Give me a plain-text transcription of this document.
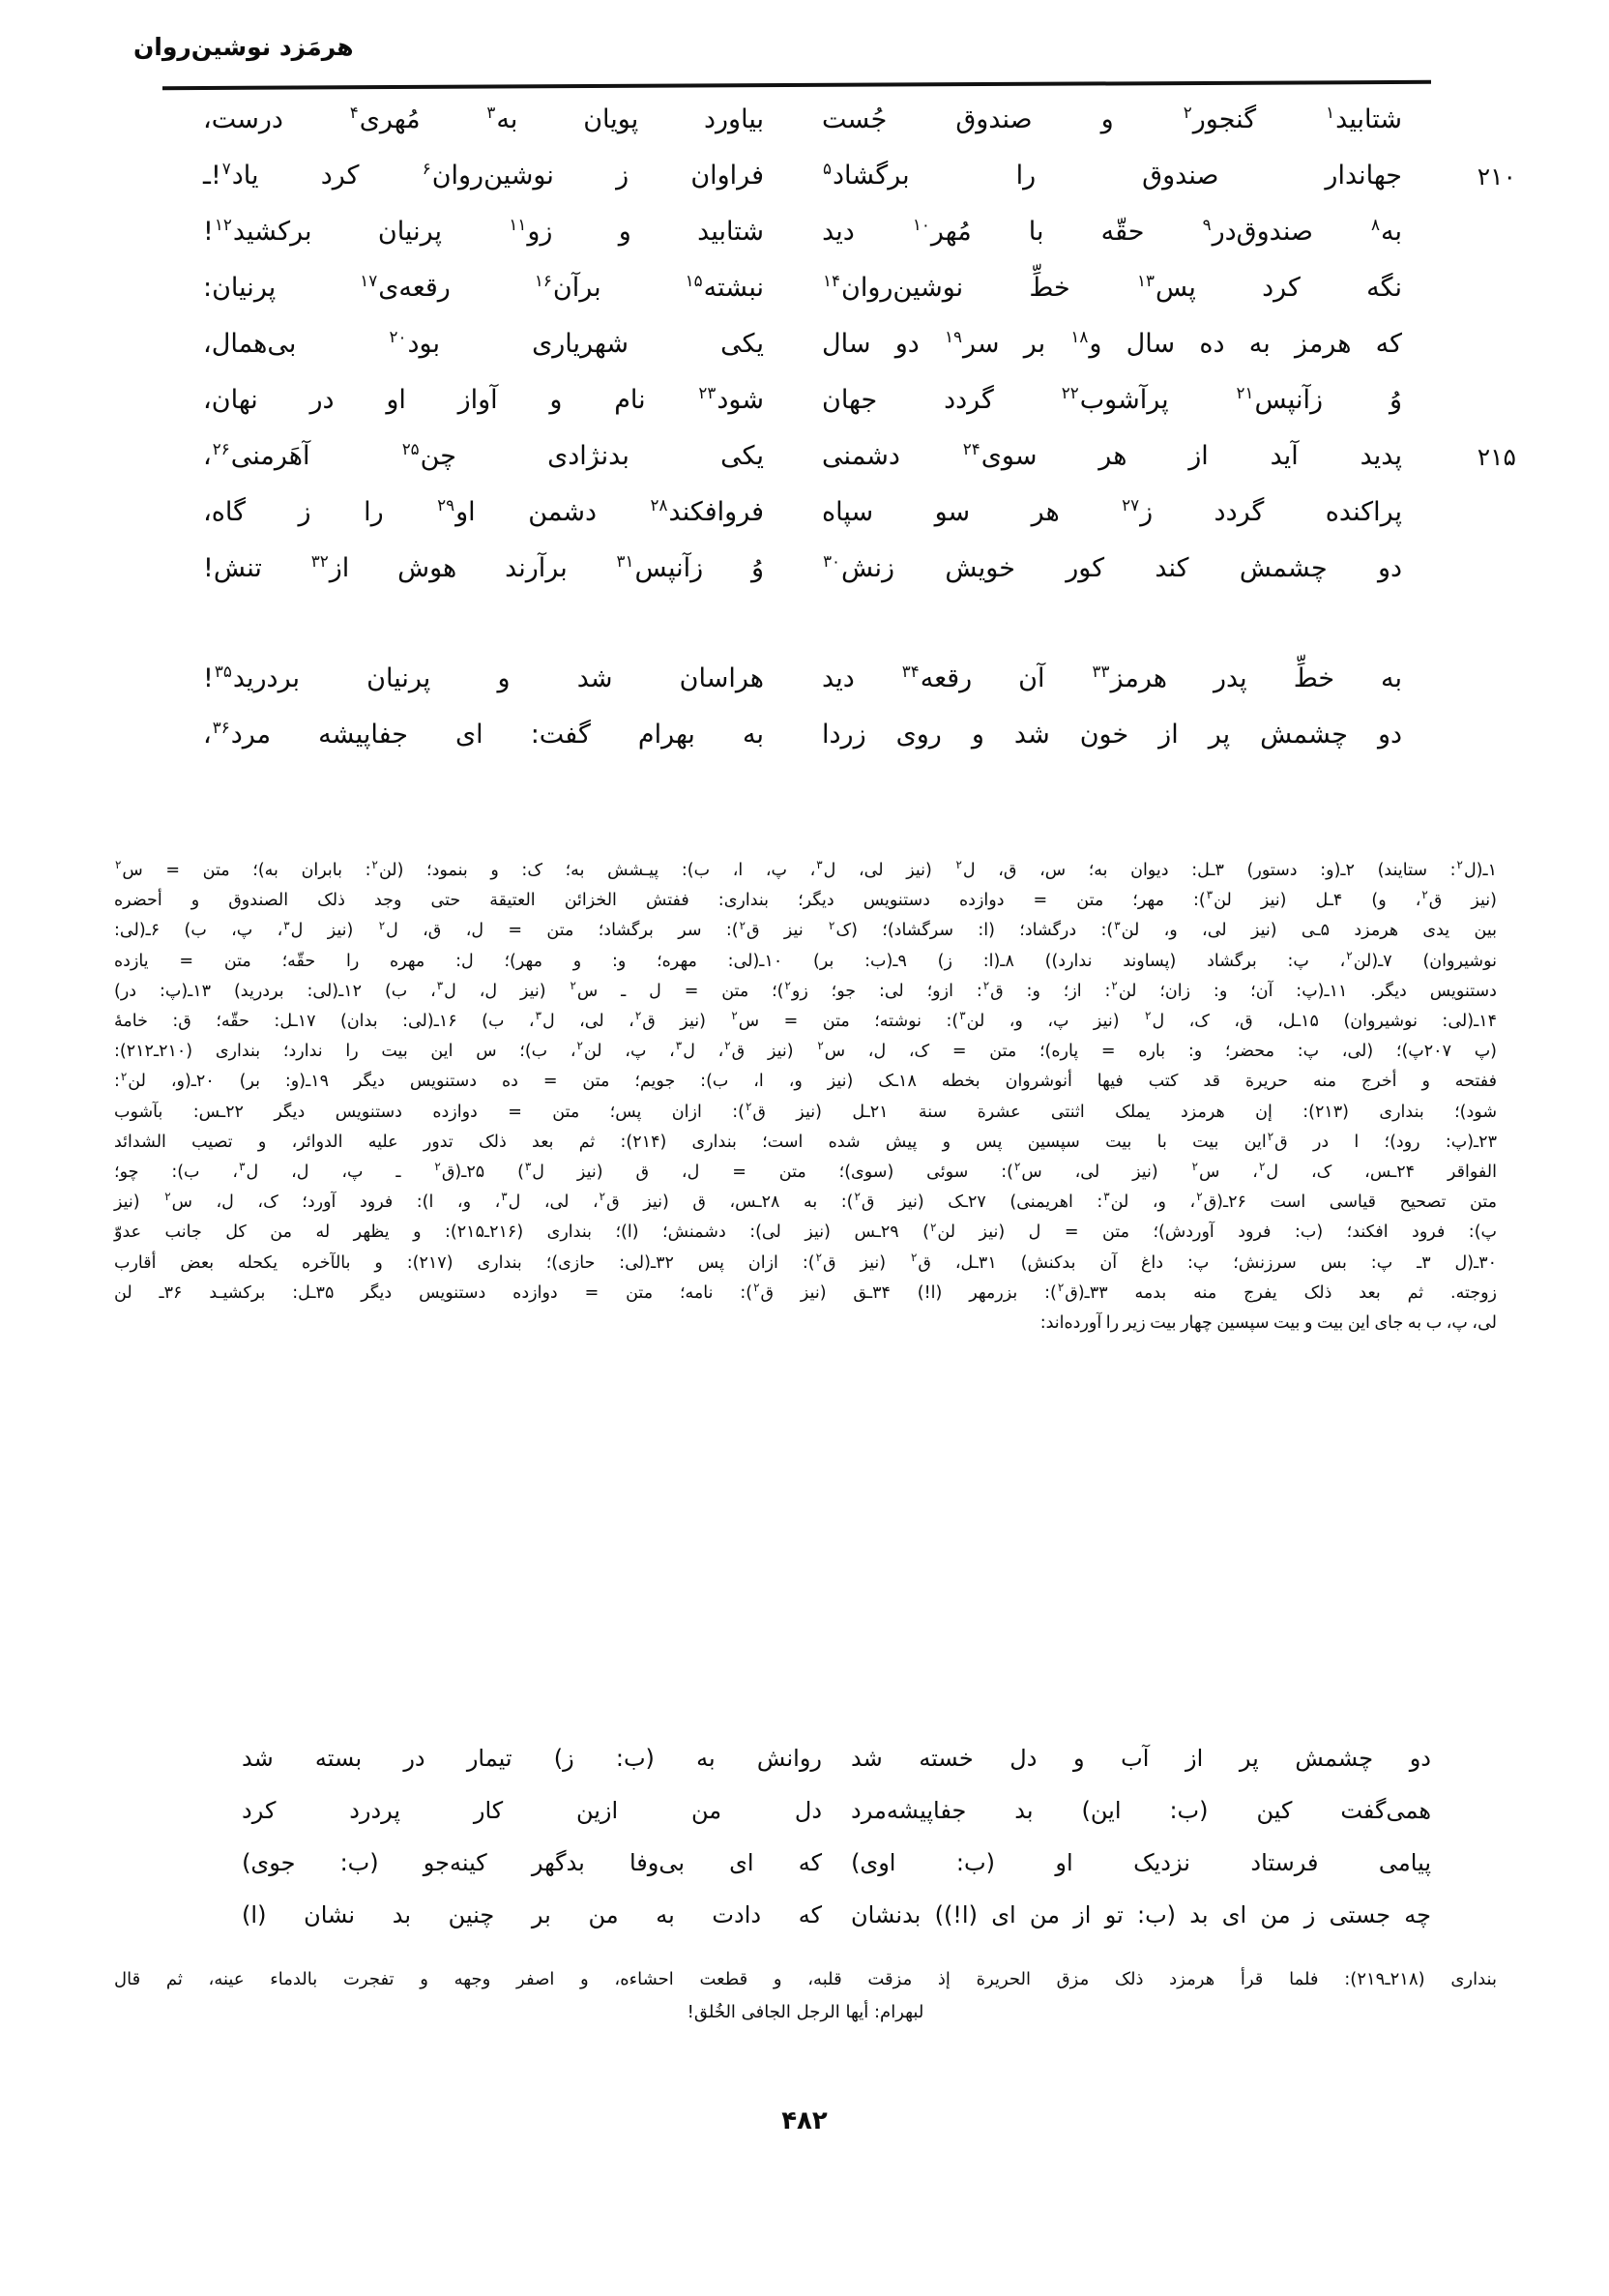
هرمَزد نوشین‌روان
شتابید$^۱$
گنجور$^۲$
و
صندوق
جُست
بیاورد
پویان
به$^۳$
مُهری$^۴$
درست،
جهاندار
صندوق
را
برگشاد$^۵$	۲۱۰
فراوان
ز
نوشین‌روان$^۶$
کرد
یاد$^۷$!ـ
به$^۸$
صندوق‌در$^۹$
حقّه
با
مُهر$^{۱۰}$
دید
شتابید
و
زو$^{۱۱}$
پرنیان
برکشید$^{۱۲}$!
نگه
کرد
پس$^{۱۳}$
خطِّ
نوشین‌روان$^{۱۴}$
نبشته$^{۱۵}$
برآن$^{۱۶}$
رقعه‌ی$^{۱۷}$
پرنیان:
که
هرمز
به
ده
سال
و$^{۱۸}$
بر
سر$^{۱۹}$
دو
سال
یکی
شهریاری
بود$^{۲۰}$
بی‌همال،
وُ
زآنپس$^{۲۱}$
پرآشوب$^{۲۲}$
گردد
جهان
شود$^{۲۳}$
نام
و
آواز
او
در
نهان،
پدید
آید
از
هر
سوی$^{۲۴}$
دشمنی	۲۱۵
یکی
بدنژادی
چن$^{۲۵}$
آهَرمنی$^{۲۶}$،
پراکنده
گردد
ز$^{۲۷}$
هر
سو
سپاه
فروافکند$^{۲۸}$
دشمن
او$^{۲۹}$
را
ز
گاه،
دو
چشمش
کند
کور
خویش
زنش$^{۳۰}$
وُ
زآنپس$^{۳۱}$
برآرند
هوش
از$^{۳۲}$
تنش!
به
خطِّ
پدر
هرمز$^{۳۳}$
آن
رقعه$^{۳۴}$
دید
هراسان
شد
و
پرنیان
بردرید$^{۳۵}$!
دو
چشمش
پر
از
خون
شد
و
روی
زردا
به
بهرام
گفت:
ای
جفاپیشه
مرد$^{۳۶}$،

۱ـ(ل$^۲$: ستایند) ۲ـ(و: دستور) ۳ـل: دیوان به؛ س، ق، ل$^۲$ (نیز لی، ل$^۳$، پ، ا، ب): پیـشش به؛ ک: و بنمود؛ (لن$^۲$: بابران به)؛ متن = س$^۲$

(نیز ق$^۲$، و) ۴ـل (نیز لن$^۳$): مهر؛ متن = دوازده دستنویس دیگر؛ بنداری: ففتش الخزائن العتیقة حتی وجد ذلک الصندوق و أحضره

بین یدی هرمزد ۵ـی (نیز لی، و، لن$^۳$): درگشاد؛ (ا: سرگشاد)؛ (ک$^۲$ نیز ق$^۲$): سر برگشاد؛ متن = ل، ق، ل$^۲$ (نیز ل$^۳$، پ، ب) ۶ـ(لی:

نوشیروان) ۷ـ(لن$^۲$، پ: برگشاد (پساوند ندارد)) ۸ـ(ا: ز) ۹ـ(ب: بر) ۱۰ـ(لی: مهره؛ و: و مهر)؛ ل: مهره را حقّه؛ متن = یازده

دستنویس دیگر. ۱۱ـ(پ: آن؛ و: زان؛ لن$^۲$: از؛ و: ق$^۲$: ازو؛ لی: جو؛ زو$^۲$)؛ متن = ل ـ س$^۲$ (نیز ل، ل$^۳$، ب) ۱۲ـ(لی: بردرید) ۱۳ـ(پ: در)

۱۴ـ(لی: نوشیروان) ۱۵ـل، ق، ک، ل$^۲$ (نیز پ، و، لن$^۳$): نوشته؛ متن = س$^۲$ (نیز ق$^۲$، لی، ل$^۳$، ب) ۱۶ـ(لی: بدان) ۱۷ـل: حقّه؛ ق: خامهٔ

(پ ۲۰۷پ)؛ (لی، پ: محضر؛ و: باره = پاره)؛ متن = ک، ل، س$^۲$ (نیز ق$^۲$، ل$^۳$، پ، لن$^۲$، ب)؛ س این بیت را ندارد؛ بنداری (۲۱۰ـ۲۱۲):

ففتحه و أخرج منه حریرة قد کتب فیها أنوشروان بخطه ۱۸ـک (نیز و، ا، ب): جویم؛ متن = ده دستنویس دیگر ۱۹ـ(و: بر) ۲۰ـ(و، لن$^۲$:

شود)؛ بنداری (۲۱۳): إن هرمزد یملک اثنتی عشرة سنة ۲۱ـل (نیز ق$^۲$): ازان پس؛ متن = دوازده دستنویس دیگر ۲۲ـس: بآشوب

۲۳ـ(پ: رود)؛ ا در ق$^۲$این بیت با بیت سپسین پس و پیش شده است؛ بنداری (۲۱۴): ثم بعد ذلک تدور علیه الدوائر، و تصیب الشدائد

الفواقر ۲۴ـس، ک، ل$^۲$، س$^۲$ (نیز لی، س$^۲$): سوئی (سوی)؛ متن = ل، ق (نیز ل$^۳$) ۲۵ـ(ق$^۲$ ـ پ، ل، ل$^۳$، ب): چو؛

متن تصحیح قیاسی است ۲۶ـ(ق$^۲$، و، لن$^۳$: اهریمنی) ۲۷ـک (نیز ق$^۲$): به ۲۸ـس، ق (نیز ق$^۲$، لی، ل$^۳$، و، ا): فرود آورد؛ ک، ل، س$^۲$ (نیز

پ): فرود افکند؛ (ب: فرود آوردش)؛ متن = ل (نیز لن$^۲$) ۲۹ـس (نیز لی): دشمنش؛ (ا)؛ بنداری (۲۱۶ـ۲۱۵): و یظهر له من کل جانب عدوّ

۳۰ـ(ل ۳ـ پ: بس سرزنش؛ پ: داغ آن بدکنش) ۳۱ـل، ق$^۲$ (نیز ق$^۲$): ازان پس ۳۲ـ(لی: حازی)؛ بنداری (۲۱۷): و بالآخره یکحله بعض أقارب

زوجته. ثم بعد ذلک یفرج منه بدمه ۳۳ـ(ق$^۲$): بزرمهر (ا!) ۳۴ـق (نیز ق$^۲$): نامه؛ متن = دوازده دستنویس دیگر ۳۵ـل: برکشیـد ۳۶ـ لن

لی، پ، ب به جای این بیت و بیت سپسین چهار بیت زیر را آورده‌اند:

دو
چشمش
پر
از
آب
و
دل
خسته
شد
روانش
به
(ب:
ز)
تیمار
در
بسته
شد
همی‌گفت
کین
(ب:
این)
بد
جفاپیشه‌مرد
دل
من
ازین
کار
پردرد
کرد
پیامی
فرستاد
نزدیک
او
(ب:
اوی)
که
ای
بی‌وفا
بدگهر
کینه‌جو
(ب:
جوی)
چه
جستی
ز
من
ای
بد
(ب:
تو
از
من
ای
(ا!))
بدنشان
که
دادت
به
من
بر
چنین
بد
نشان
(ا)

بنداری (۲۱۸ـ۲۱۹): فلما قرأ هرمزد ذلک مزق الحریرة إذ مزقت قلبه، و قطعت احشاءه، و اصفر وجهه و تفجرت بالدماء عینه، ثم قال

لبهرام: أیها الرجل الجافی الخُلق!

۴۸۲
